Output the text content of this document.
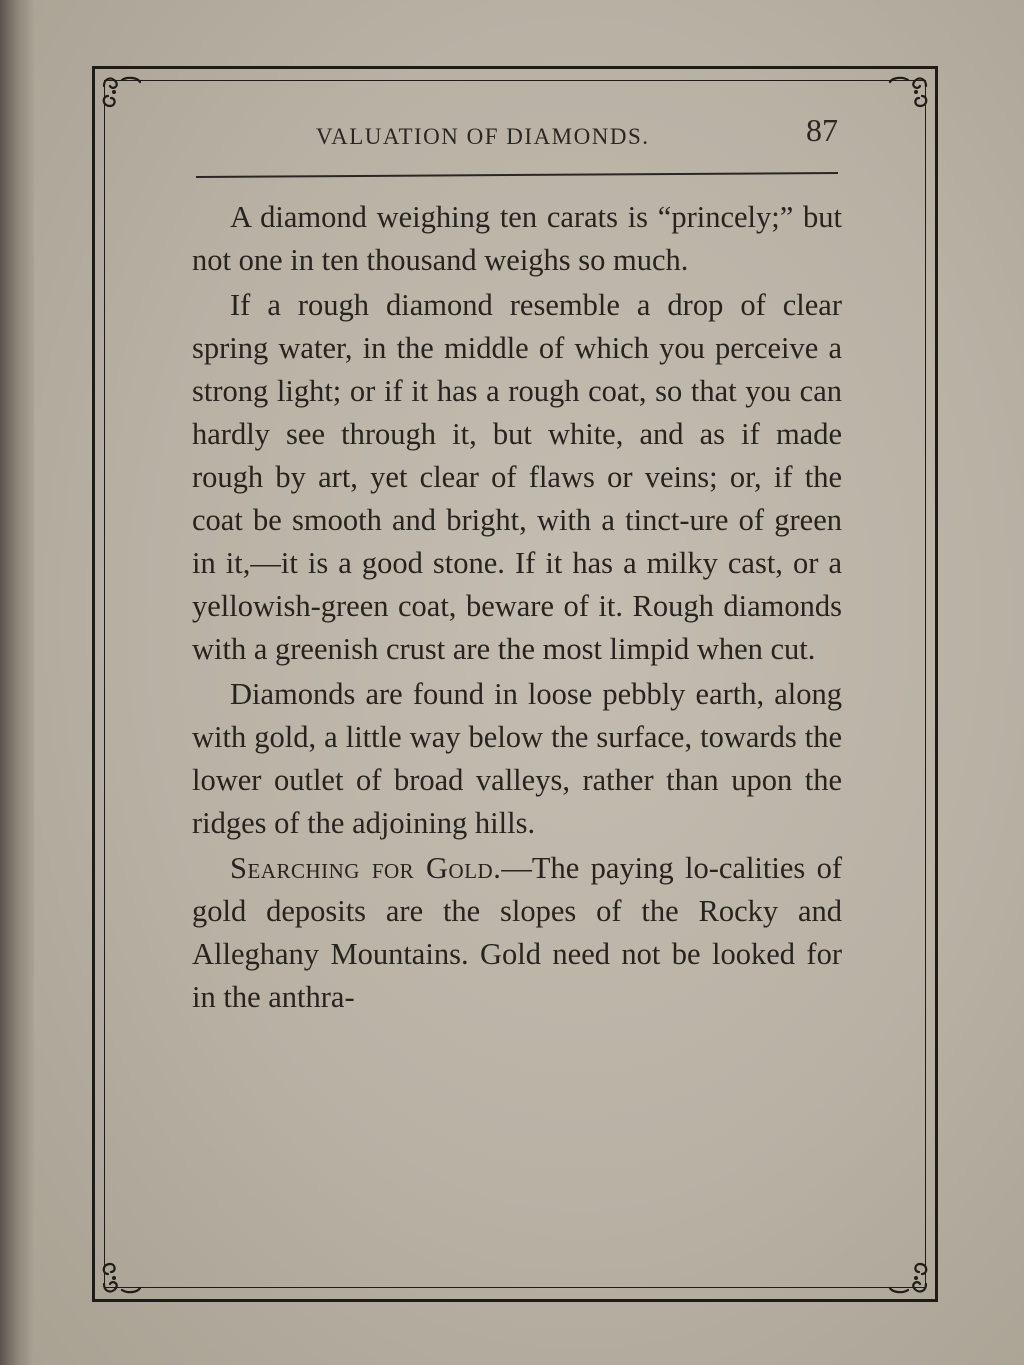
VALUATION OF DIAMONDS.	87

A diamond weighing ten carats is “princely;” but not one in ten thousand weighs so much.

If a rough diamond resemble a drop of clear spring water, in the middle of which you perceive a strong light; or if it has a rough coat, so that you can hardly see through it, but white, and as if made rough by art, yet clear of flaws or veins; or, if the coat be smooth and bright, with a tinct-ure of green in it,—it is a good stone. If it has a milky cast, or a yellowish-green coat, beware of it. Rough diamonds with a greenish crust are the most limpid when cut.

Diamonds are found in loose pebbly earth, along with gold, a little way below the surface, towards the lower outlet of broad valleys, rather than upon the ridges of the adjoining hills.

Searching for Gold.—The paying lo-calities of gold deposits are the slopes of the Rocky and Alleghany Mountains. Gold need not be looked for in the anthra-
